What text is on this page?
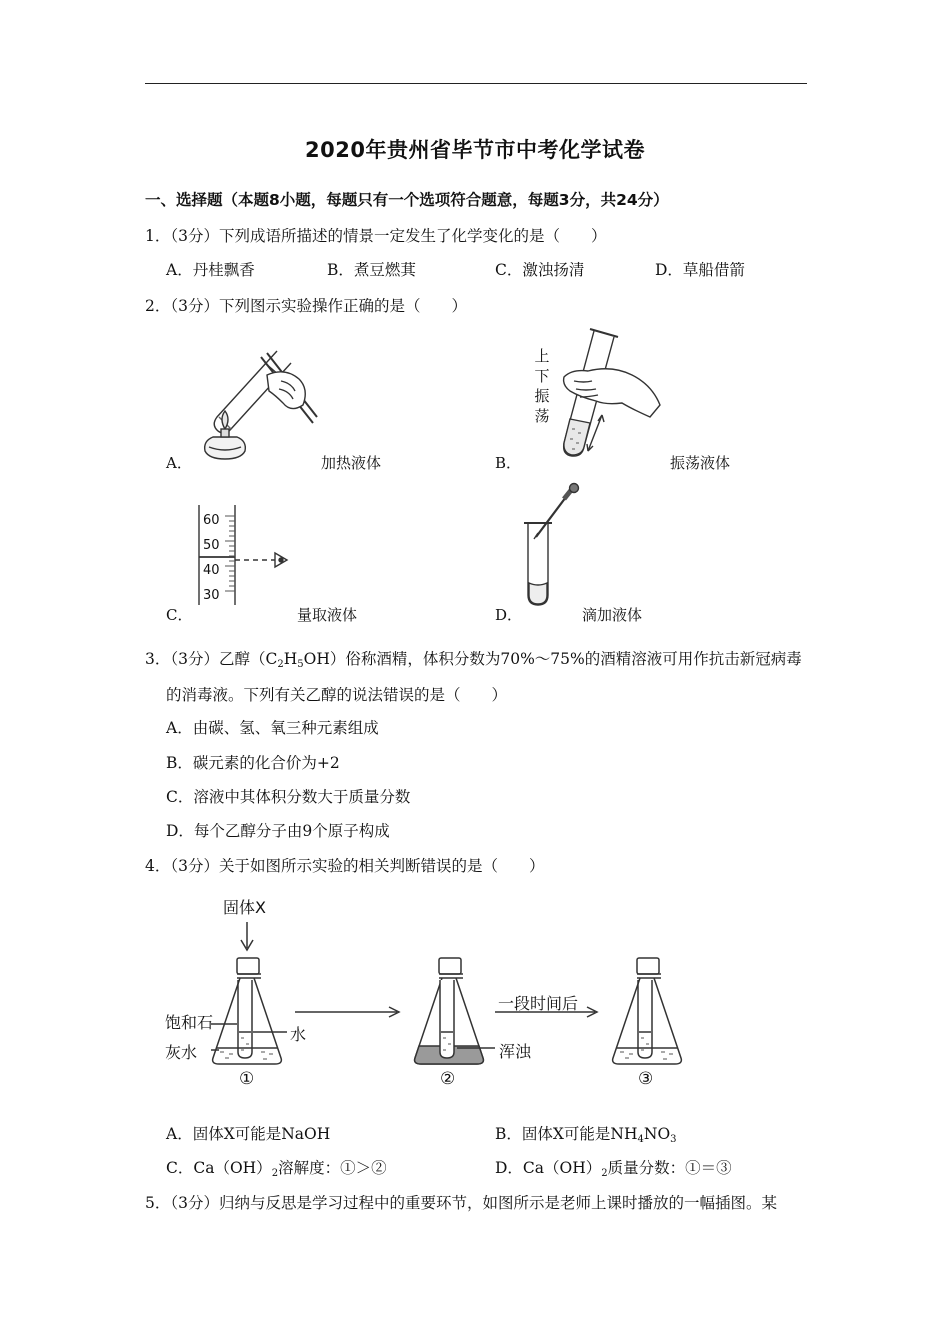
2020年贵州省毕节市中考化学试卷
一、选择题（本题8小题，每题只有一个选项符合题意，每题3分，共24分）
1．（3分）下列成语所描述的情景一定发生了化学变化的是（　　）
A．丹桂飘香	B．煮豆燃萁	C．激浊扬清	D．草船借箭
2．（3分）下列图示实验操作正确的是（　　）
A．	加热液体
上
下
振
荡
B．	振荡液体
60
50
40
30
C．	量取液体	D．	滴加液体
3．（3分）乙醇$(C_2H_5OH)$俗称酒精，体积分数为70%～75%的酒精溶液可用作抗击新冠病毒
的消毒液。下列有关乙醇的说法错误的是（　　）
A．由碳、氢、氧三种元素组成
B．碳元素的化合价为+2
C．溶液中其体积分数大于质量分数
D．每个乙醇分子由9个原子构成
4．（3分）关于如图所示实验的相关判断错误的是（　　）
固体X
饱和石
灰水
水
一段时间后
浑浊
①	②	③
A．固体X可能是NaOH	B．固体X可能是$NH_4NO_3$
C．$Ca(OH)_2$溶解度：①＞②	D．$Ca(OH)_2$质量分数：①＝③
5．（3分）归纳与反思是学习过程中的重要环节，如图所示是老师上课时播放的一幅插图。某
